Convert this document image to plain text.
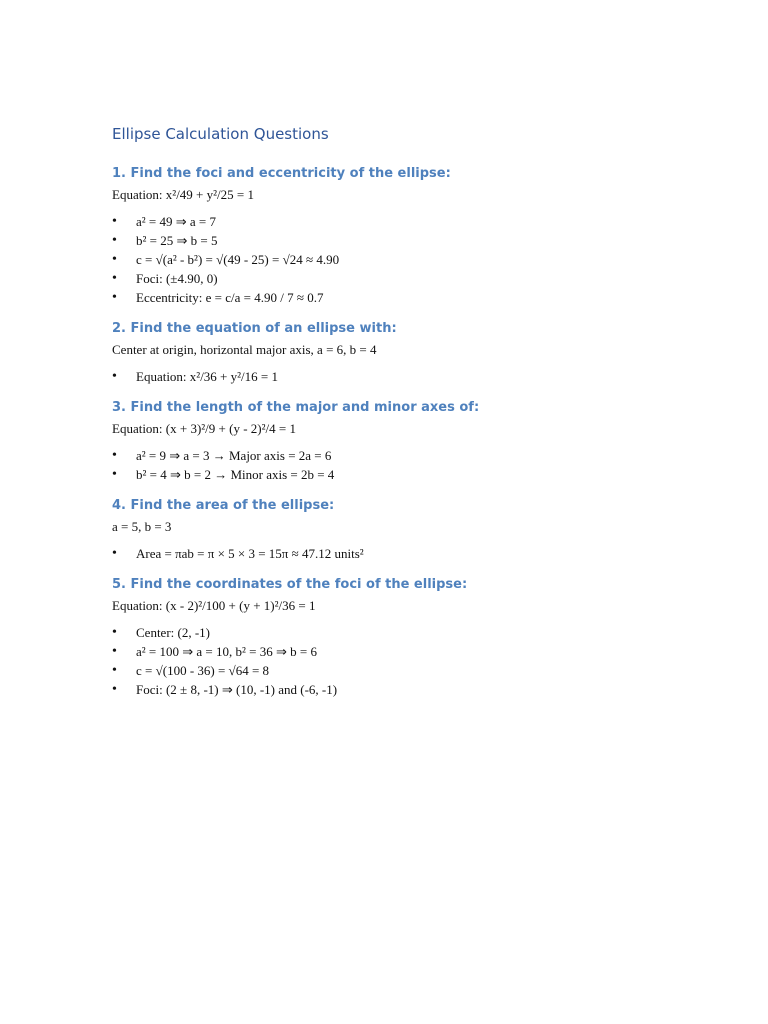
Ellipse Calculation Questions
1. Find the foci and eccentricity of the ellipse:

Equation: x²/49 + y²/25 = 1

• a² = 49 ⇒ a = 7
• b² = 25 ⇒ b = 5
• c = √(a² - b²) = √(49 - 25) = √24 ≈ 4.90
• Foci: (±4.90, 0)
• Eccentricity: e = c/a = 4.90 / 7 ≈ 0.7
2. Find the equation of an ellipse with:

Center at origin, horizontal major axis, a = 6, b = 4

• Equation: x²/36 + y²/16 = 1
3. Find the length of the major and minor axes of:

Equation: (x + 3)²/9 + (y - 2)²/4 = 1

• a² = 9 ⇒ a = 3 → Major axis = 2a = 6
• b² = 4 ⇒ b = 2 → Minor axis = 2b = 4
4. Find the area of the ellipse:

a = 5, b = 3

• Area = πab = π × 5 × 3 = 15π ≈ 47.12 units²
5. Find the coordinates of the foci of the ellipse:

Equation: (x - 2)²/100 + (y + 1)²/36 = 1

• Center: (2, -1)
• a² = 100 ⇒ a = 10, b² = 36 ⇒ b = 6
• c = √(100 - 36) = √64 = 8
• Foci: (2 ± 8, -1) ⇒ (10, -1) and (-6, -1)
